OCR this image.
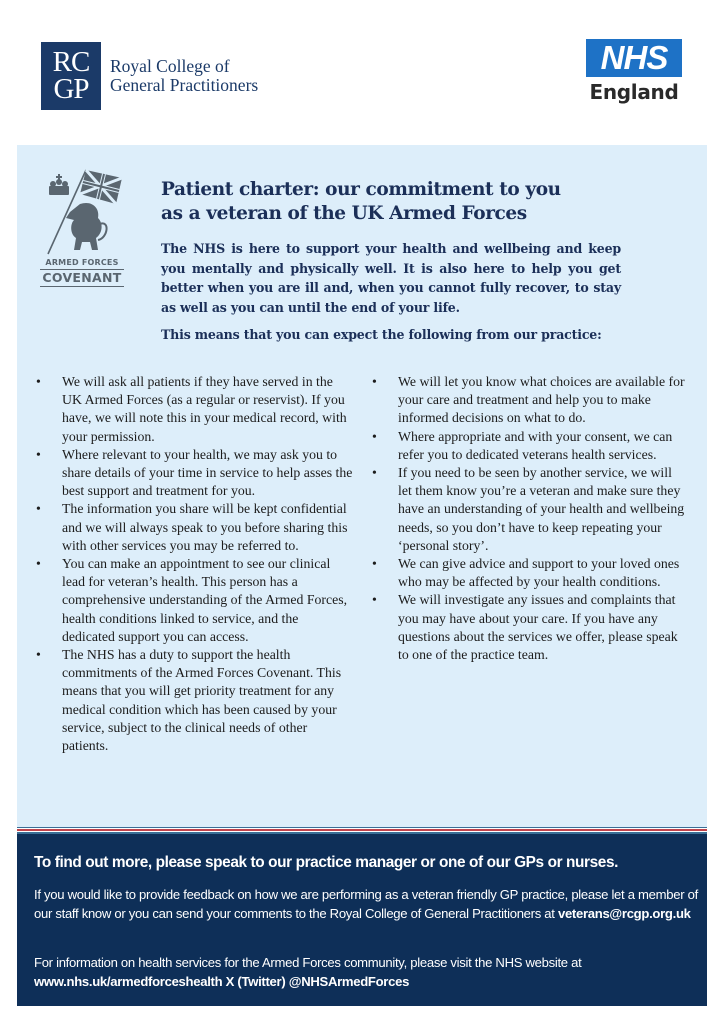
RC
GP
Royal College of
General Practitioners
NHS
England
ARMED FORCES
COVENANT
Patient charter: our commitment to you
as a veteran of the UK Armed Forces
The NHS is here to support your health and wellbeing and keep you mentally and physically well. It is also here to help you get better when you are ill and, when you cannot fully recover, to stay as well as you can until the end of your life.
This means that you can expect the following from our practice:
• We will ask all patients if they have served in the UK Armed Forces (as a regular or reservist). If you have, we will note this in your medical record, with your permission.
• Where relevant to your health, we may ask you to share details of your time in service to help asses the best support and treatment for you.
• The information you share will be kept confidential and we will always speak to you before sharing this with other services you may be referred to.
• You can make an appointment to see our clinical lead for veteran’s health. This person has a comprehensive understanding of the Armed Forces, health conditions linked to service, and the dedicated support you can access.
• The NHS has a duty to support the health commitments of the Armed Forces Covenant. This means that you will get priority treatment for any medical condition which has been caused by your service, subject to the clinical needs of other patients.
• We will let you know what choices are available for your care and treatment and help you to make informed decisions on what to do.
• Where appropriate and with your consent, we can refer you to dedicated veterans health services.
• If you need to be seen by another service, we will let them know you’re a veteran and make sure they have an understanding of your health and wellbeing needs, so you don’t have to keep repeating your ‘personal story’.
• We can give advice and support to your loved ones who may be affected by your health conditions.
• We will investigate any issues and complaints that you may have about your care. If you have any questions about the services we offer, please speak to one of the practice team.
To find out more, please speak to our practice manager or one of our GPs or nurses.
If you would like to provide feedback on how we are performing as a veteran friendly GP practice, please let a member of our staff know or you can send your comments to the Royal College of General Practitioners at veterans@rcgp.org.uk
For information on health services for the Armed Forces community, please visit the NHS website at www.nhs.uk/armedforceshealth X (Twitter) @NHSArmedForces
